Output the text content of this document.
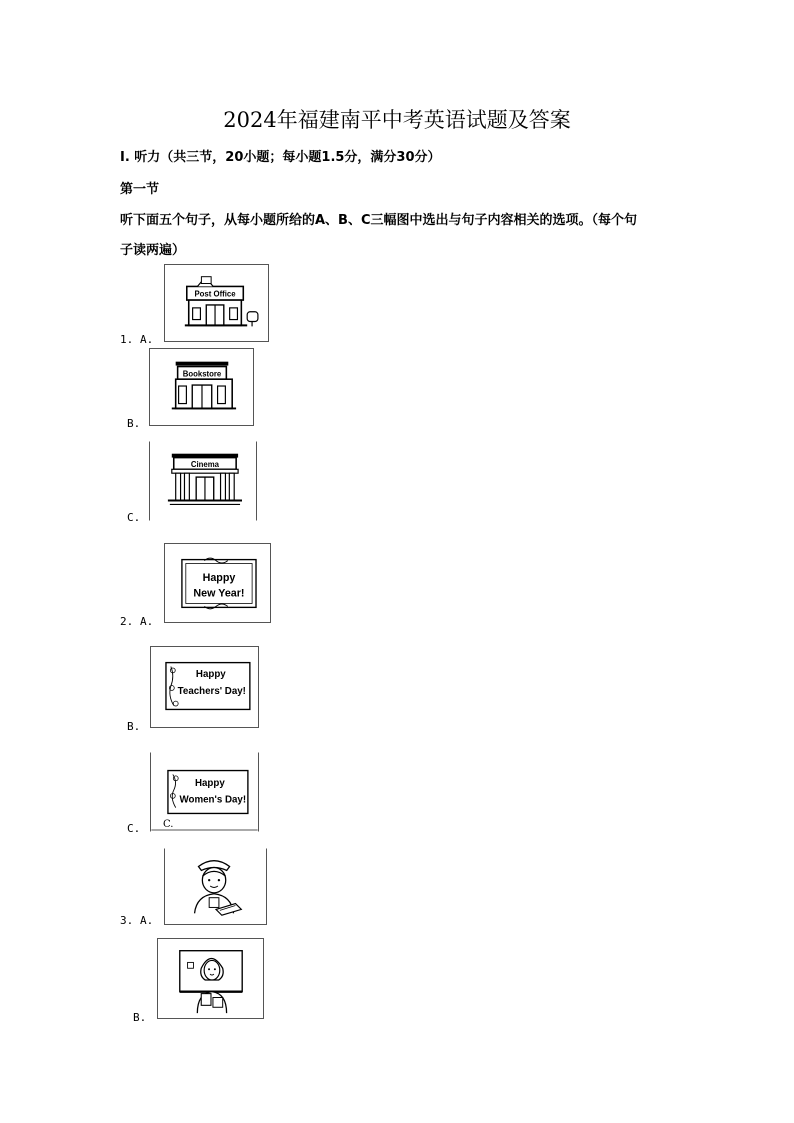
2024年福建南平中考英语试题及答案
Ⅰ. 听力（共三节，20小题；每小题1.5分，满分30分）
第一节
听下面五个句子，从每小题所给的A、B、C三幅图中选出与句子内容相关的选项。（每个句
子读两遍）
1. A.
Post Office
B.
Bookstore
C.
Cinema
2. A.
Happy
New Year!
B.
Happy
Teachers' Day!
C.
Happy
Women's Day!
C.
3. A.
B.
